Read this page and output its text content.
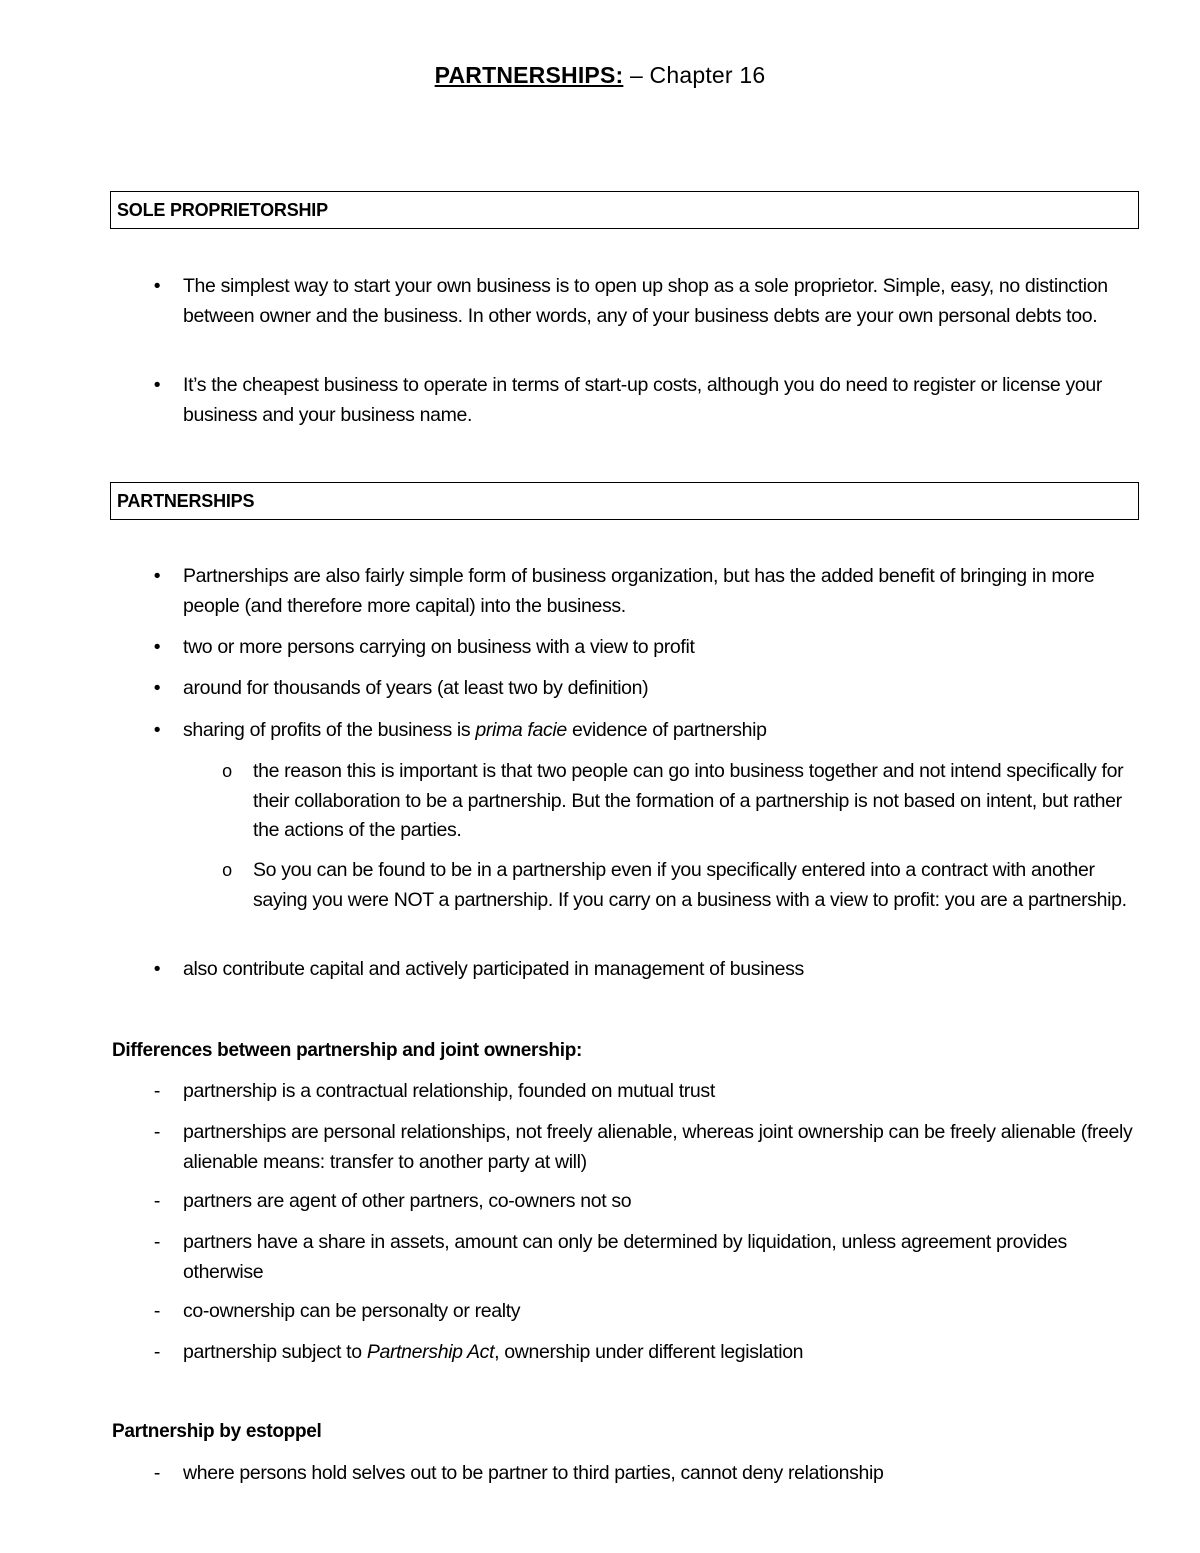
PARTNERSHIPS: – Chapter 16
SOLE PROPRIETORSHIP
•	The simplest way to start your own business is to open up shop as a sole proprietor. Simple, easy, no distinction between owner and the business. In other words, any of your business debts are your own personal debts too.
•	It’s the cheapest business to operate in terms of start-up costs, although you do need to register or license your business and your business name.
PARTNERSHIPS
•	Partnerships are also fairly simple form of business organization, but has the added benefit of bringing in more people (and therefore more capital) into the business.
•	two or more persons carrying on business with a view to profit
•	around for thousands of years (at least two by definition)
•	sharing of profits of the business is prima facie evidence of partnership
o the reason this is important is that two people can go into business together and not intend specifically for their collaboration to be a partnership. But the formation of a partnership is not based on intent, but rather the actions of the parties.
o So you can be found to be in a partnership even if you specifically entered into a contract with another saying you were NOT a partnership. If you carry on a business with a view to profit: you are a partnership.
•	also contribute capital and actively participated in management of business
Differences between partnership and joint ownership:
-	partnership is a contractual relationship, founded on mutual trust
-	partnerships are personal relationships, not freely alienable, whereas joint ownership can be freely alienable (freely alienable means: transfer to another party at will)
-	partners are agent of other partners, co-owners not so
-	partners have a share in assets, amount can only be determined by liquidation, unless agreement provides otherwise
-	co-ownership can be personalty or realty
-	partnership subject to Partnership Act, ownership under different legislation
Partnership by estoppel
-	where persons hold selves out to be partner to third parties, cannot deny relationship
